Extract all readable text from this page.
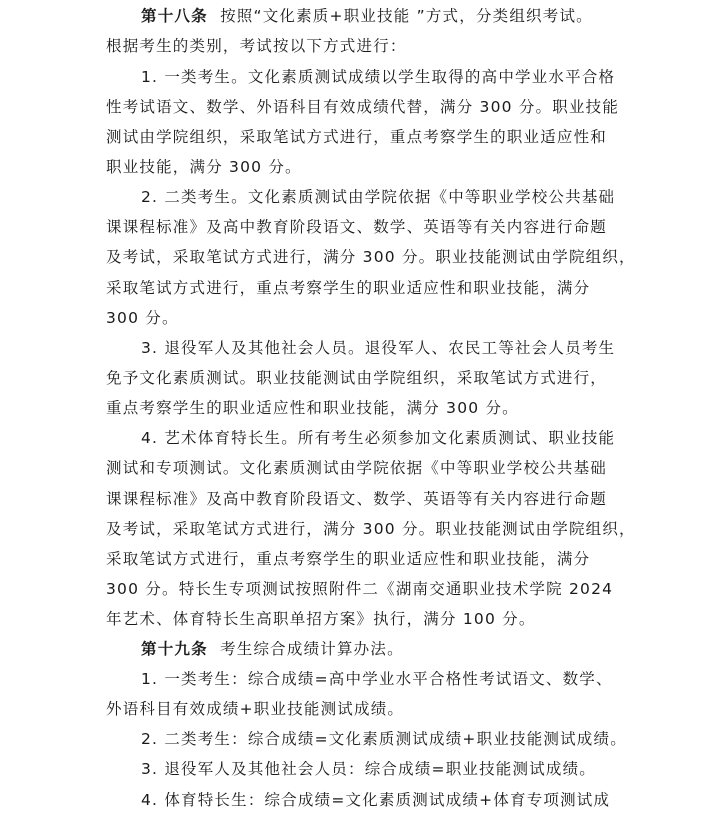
第十八条 按照“文化素质+职业技能 ”方式，分类组织考试。
根据考生的类别，考试按以下方式进行：
1. 一类考生。文化素质测试成绩以学生取得的高中学业水平合格
性考试语文、数学、外语科目有效成绩代替，满分 300 分。职业技能
测试由学院组织，采取笔试方式进行，重点考察学生的职业适应性和
职业技能，满分 300 分。
2. 二类考生。文化素质测试由学院依据《中等职业学校公共基础
课课程标准》及高中教育阶段语文、数学、英语等有关内容进行命题
及考试，采取笔试方式进行，满分 300 分。职业技能测试由学院组织，
采取笔试方式进行，重点考察学生的职业适应性和职业技能，满分
300 分。
3. 退役军人及其他社会人员。退役军人、农民工等社会人员考生
免予文化素质测试。职业技能测试由学院组织，采取笔试方式进行，
重点考察学生的职业适应性和职业技能，满分 300 分。
4. 艺术体育特长生。所有考生必须参加文化素质测试、职业技能
测试和专项测试。文化素质测试由学院依据《中等职业学校公共基础
课课程标准》及高中教育阶段语文、数学、英语等有关内容进行命题
及考试，采取笔试方式进行，满分 300 分。职业技能测试由学院组织，
采取笔试方式进行，重点考察学生的职业适应性和职业技能，满分
300 分。特长生专项测试按照附件二《湖南交通职业技术学院 2024
年艺术、体育特长生高职单招方案》执行，满分 100 分。
第十九条 考生综合成绩计算办法。
1. 一类考生：综合成绩=高中学业水平合格性考试语文、数学、
外语科目有效成绩+职业技能测试成绩。
2. 二类考生：综合成绩=文化素质测试成绩+职业技能测试成绩。
3. 退役军人及其他社会人员：综合成绩=职业技能测试成绩。
4. 体育特长生：综合成绩=文化素质测试成绩+体育专项测试成
